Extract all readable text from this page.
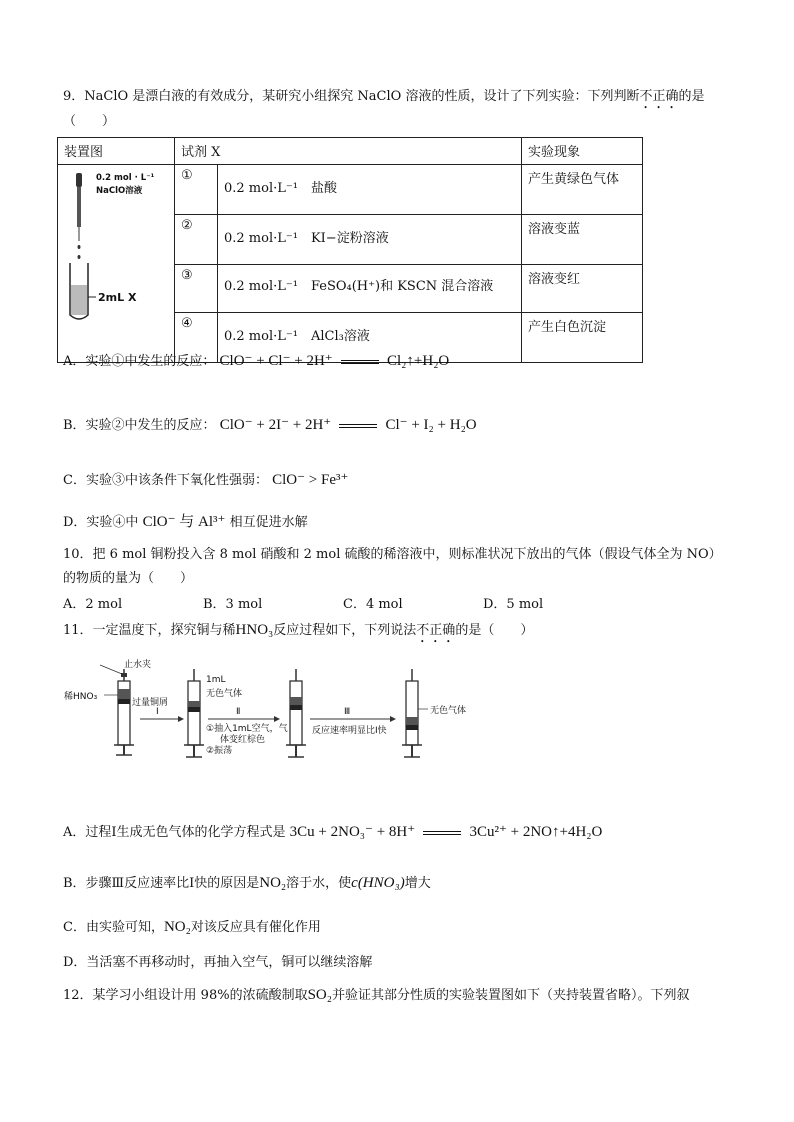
9．NaClO 是漂白液的有效成分，某研究小组探究 NaClO 溶液的性质，设计了下列实验：下列判断不正确的是
（　　）
装置图	试剂 X		实验现象

0.2 mol · L⁻¹
NaClO溶液
2mL X	①	0.2 mol·L⁻¹　盐酸	产生黄绿色气体
	②	0.2 mol·L⁻¹　KI−淀粉溶液	溶液变蓝
	③	0.2 mol·L⁻¹　FeSO₄(H⁺)和 KSCN 混合溶液	溶液变红
	④	0.2 mol·L⁻¹　AlCl₃溶液	产生白色沉淀
A．实验①中发生的反应： ClO⁻ + Cl⁻ + 2H⁺	Cl₂↑+H₂O
B．实验②中发生的反应： ClO⁻ + 2I⁻ + 2H⁺	Cl⁻ + I₂ + H₂O
C．实验③中该条件下氧化性强弱： ClO⁻ > Fe³⁺
D．实验④中 ClO⁻ 与 Al³⁺ 相互促进水解
10．把 6 mol 铜粉投入含 8 mol 硝酸和 2 mol 硫酸的稀溶液中，则标准状况下放出的气体（假设气体全为 NO）
的物质的量为（　　）
A．2 mol	B．3 mol	C．4 mol	D．5 mol
11．一定温度下，探究铜与稀HNO₃反应过程如下，下列说法不正确的是（　　）
止水夹
稀HNO₃
过量铜屑
Ⅰ
1mL
无色气体
Ⅱ
①抽入1mL空气，气
体变红棕色
②振荡
Ⅲ
反应速率明显比Ⅰ快
无色气体
A．过程Ⅰ生成无色气体的化学方程式是 3Cu + 2NO₃⁻ + 8H⁺	3Cu²⁺ + 2NO↑+4H₂O
B．步骤Ⅲ反应速率比Ⅰ快的原因是NO₂溶于水，使c(HNO₃)增大
C．由实验可知，NO₂对该反应具有催化作用
D．当活塞不再移动时，再抽入空气，铜可以继续溶解
12．某学习小组设计用 98%的浓硫酸制取SO₂并验证其部分性质的实验装置图如下（夹持装置省略）。下列叙
